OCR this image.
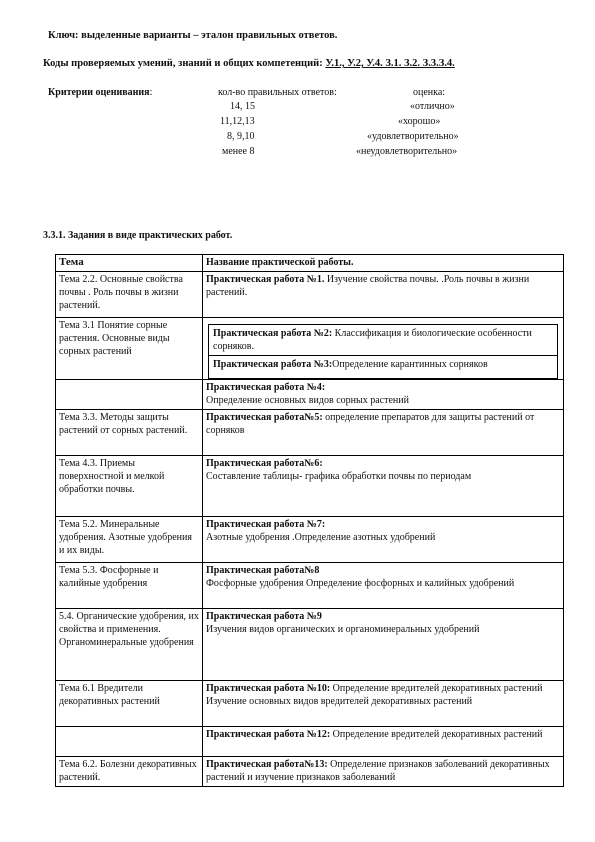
Ключ: выделенные варианты – эталон правильных ответов.
Коды проверяемых умений, знаний и общих компетенций: У.1., У.2, У.4. З.1. З.2. З.3.З.4.
Критерии оценивания:	кол-во правильных ответов:	оценка:
14, 15	«отлично»
11,12,13	«хорошо»
8, 9,10	«удовлетворительно»
менее 8	«неудовлетворительно»
3.3.1. Задания в виде практических работ.
Тема	Название практической работы.
Тема 2.2. Основные свойства почвы . Роль почвы в жизни растений.	Практическая работа №1. Изучение свойства почвы. .Роль почвы в жизни растений.
Тема 3.1 Понятие сорные растения. Основные виды сорных растений	Практическая работа №2: Классификация и биологические особенности сорняков.
Практическая работа №3:Определение карантинных сорняков

	Практическая работа №4:
Определение основных видов сорных растений
Тема 3.3. Методы защиты растений от сорных растений.	Практическая работа№5: определение препаратов для защиты растений от сорняков
Тема 4.3. Приемы поверхностной и мелкой обработки почвы.	Практическая работа№6:
Составление таблицы- графика обработки почвы по периодам
Тема 5.2. Минеральные удобрения. Азотные удобрения и их виды.	Практическая работа №7:
Азотные удобрения .Определение азотных удобрений
Тема 5.3. Фосфорные и калийные удобрения	Практическая работа№8
Фосфорные удобрения Определение фосфорных и калийных удобрений
5.4. Органические удобрения, их свойства и применения. Органоминеральные удобрения	Практическая работа №9
Изучения видов органических и органоминеральных удобрений
Тема 6.1 Вредители декоративных растений	Практическая работа №10: Определение вредителей декоративных растений Изучение основных видов вредителей декоративных растений
	Практическая работа №12: Определение вредителей декоративных растений
Тема 6.2. Болезни декоративных растений.	Практическая работа№13: Определение признаков заболеваний декоративных растений и изучение признаков заболеваний
